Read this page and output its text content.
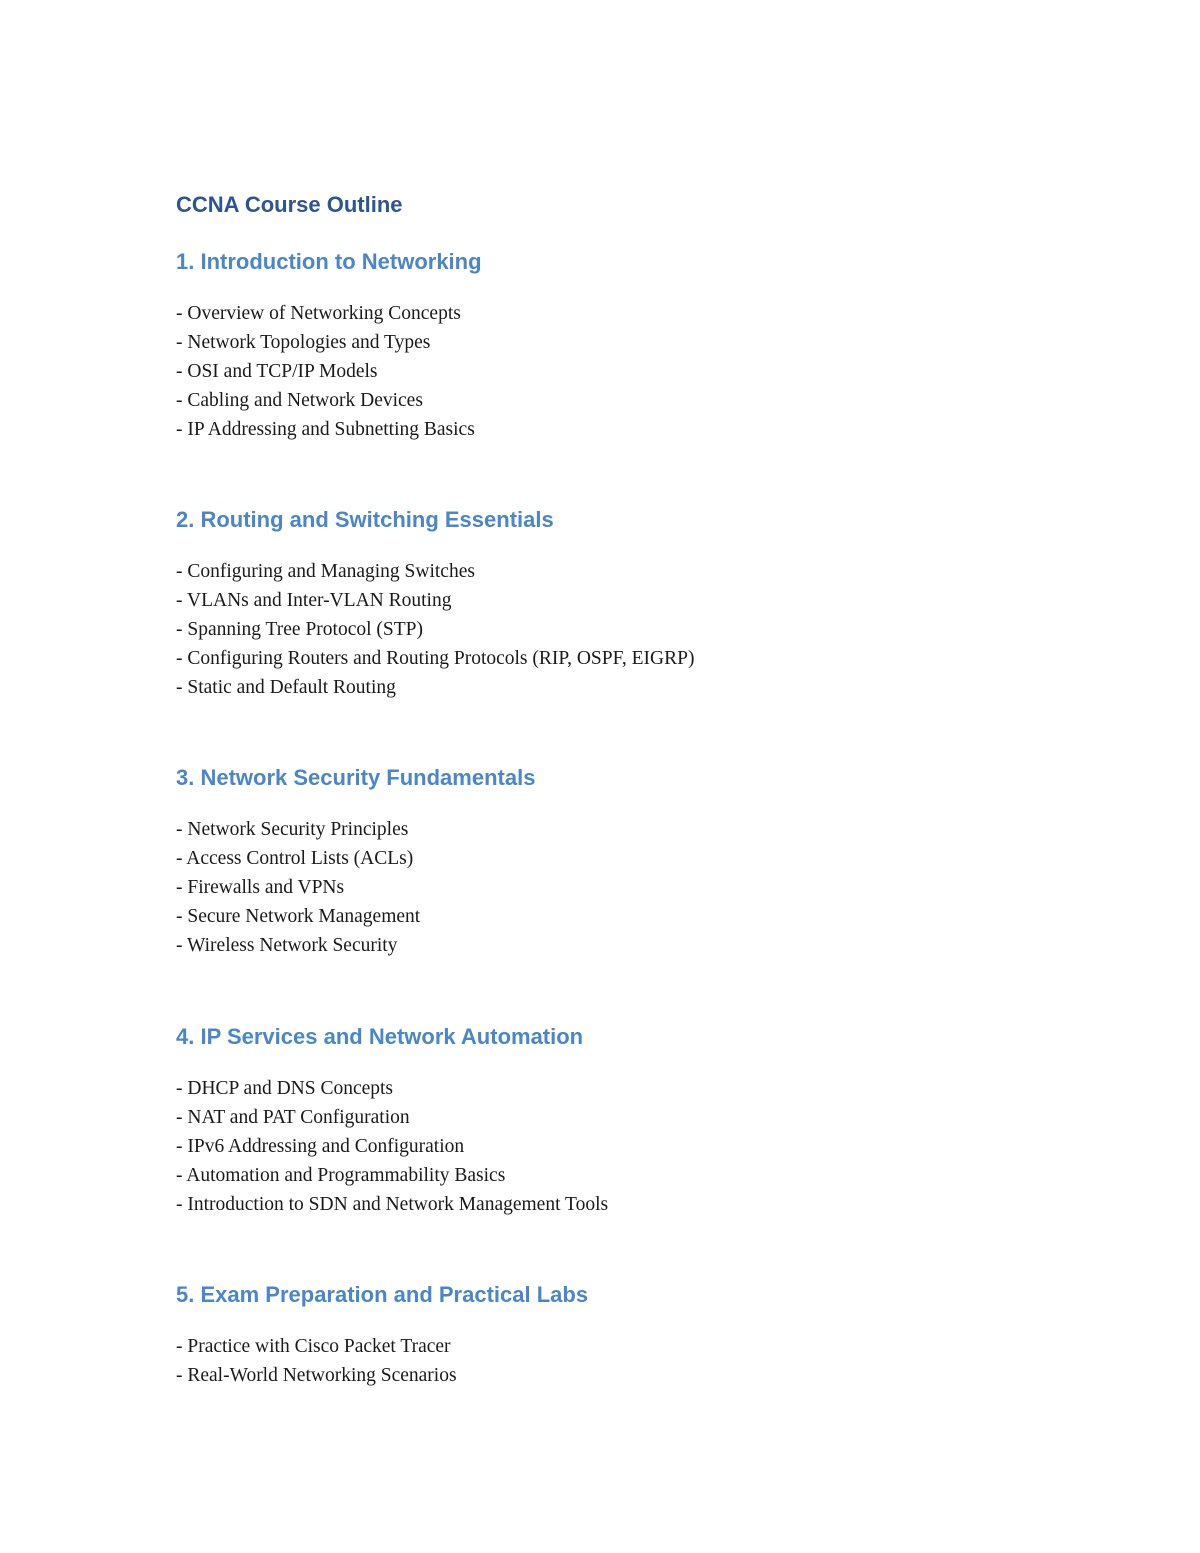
CCNA Course Outline
1. Introduction to Networking
- Overview of Networking Concepts
- Network Topologies and Types
- OSI and TCP/IP Models
- Cabling and Network Devices
- IP Addressing and Subnetting Basics
2. Routing and Switching Essentials
- Configuring and Managing Switches
- VLANs and Inter-VLAN Routing
- Spanning Tree Protocol (STP)
- Configuring Routers and Routing Protocols (RIP, OSPF, EIGRP)
- Static and Default Routing
3. Network Security Fundamentals
- Network Security Principles
- Access Control Lists (ACLs)
- Firewalls and VPNs
- Secure Network Management
- Wireless Network Security
4. IP Services and Network Automation
- DHCP and DNS Concepts
- NAT and PAT Configuration
- IPv6 Addressing and Configuration
- Automation and Programmability Basics
- Introduction to SDN and Network Management Tools
5. Exam Preparation and Practical Labs
- Practice with Cisco Packet Tracer
- Real-World Networking Scenarios
